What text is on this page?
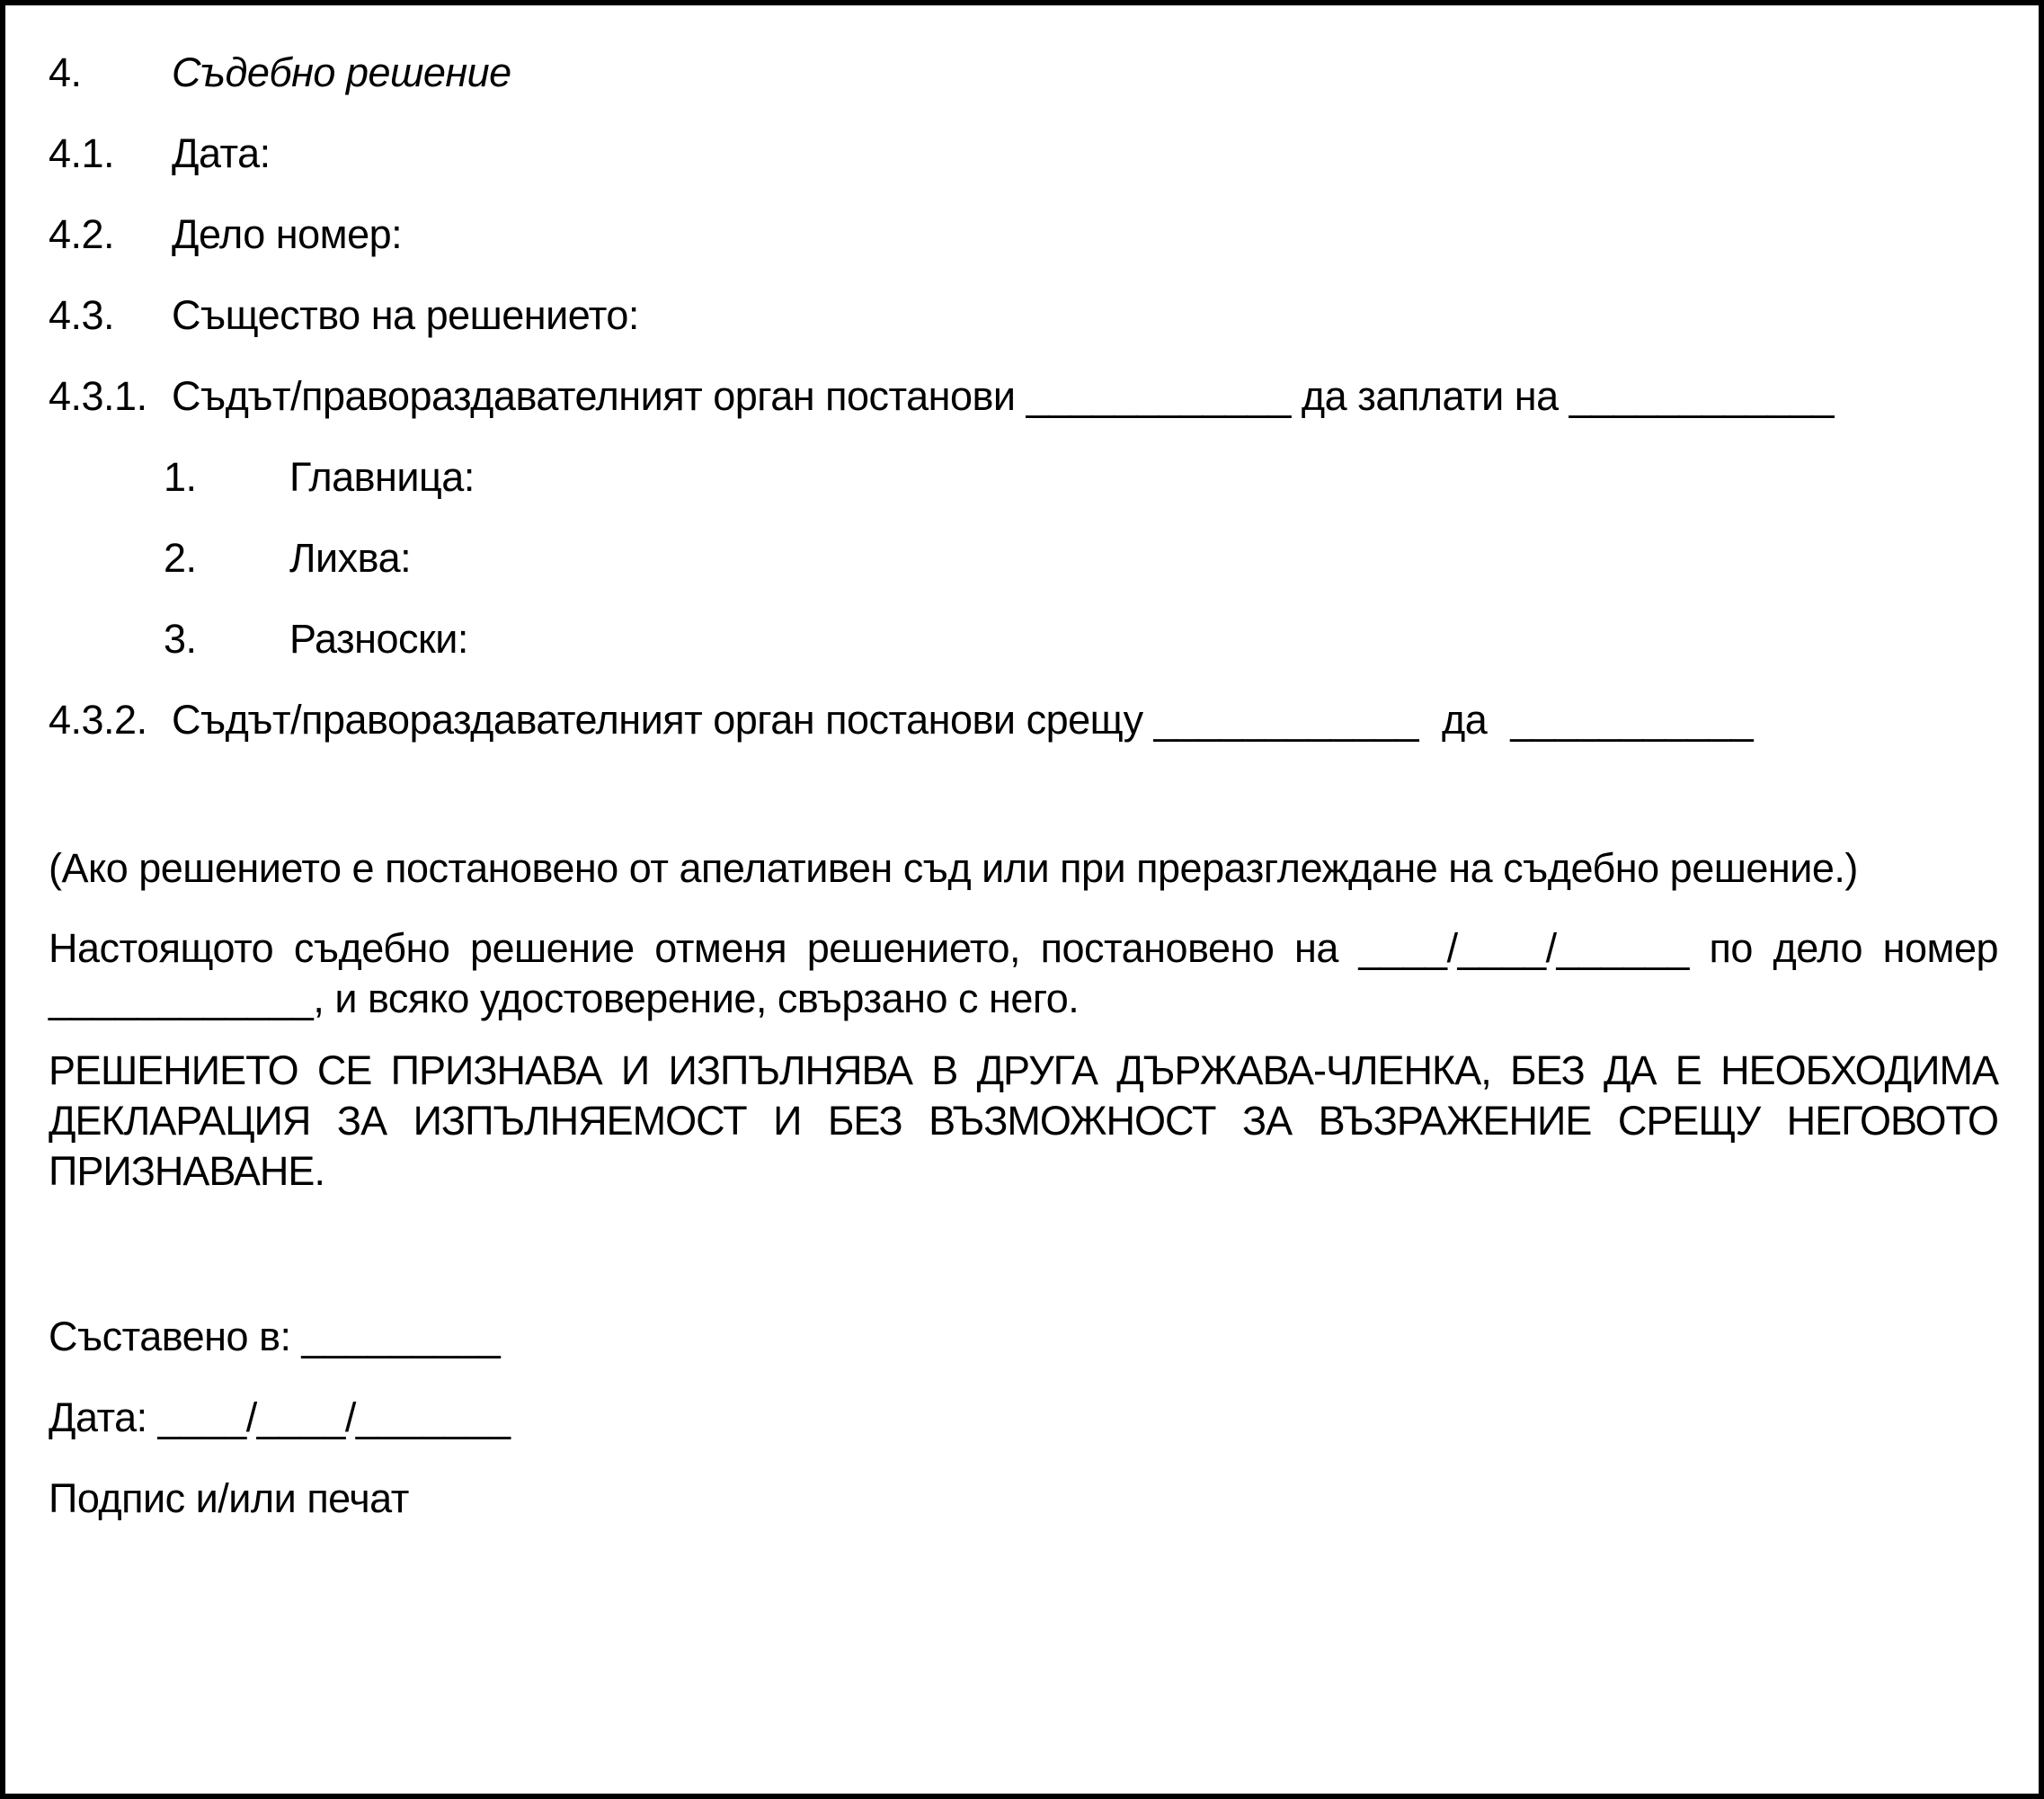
4.	Съдебно решение
4.1.	Дата:
4.2.	Дело номер:
4.3.	Същество на решението:
4.3.1. Съдът/правораздавателният орган постанови ____________ да заплати на ____________
1.	Главница:
2.	Лихва:
3.	Разноски:
4.3.2. Съдът/правораздавателният орган постанови срещу ____________ да ___________
(Ако решението е постановено от апелативен съд или при преразглеждане на съдебно решение.)
Настоящото съдебно решение отменя решението, постановено на ____/____/______ по дело номер
____________, и всяко удостоверение, свързано с него.
РЕШЕНИЕТО СЕ ПРИЗНАВА И ИЗПЪЛНЯВА В ДРУГА ДЪРЖАВА-ЧЛЕНКА, БЕЗ ДА Е НЕОБХОДИМА
ДЕКЛАРАЦИЯ ЗА ИЗПЪЛНЯЕМОСТ И БЕЗ ВЪЗМОЖНОСТ ЗА ВЪЗРАЖЕНИЕ СРЕЩУ НЕГОВОТО
ПРИЗНАВАНЕ.
Съставено в: _________
Дата: ____/____/_______
Подпис и/или печат
